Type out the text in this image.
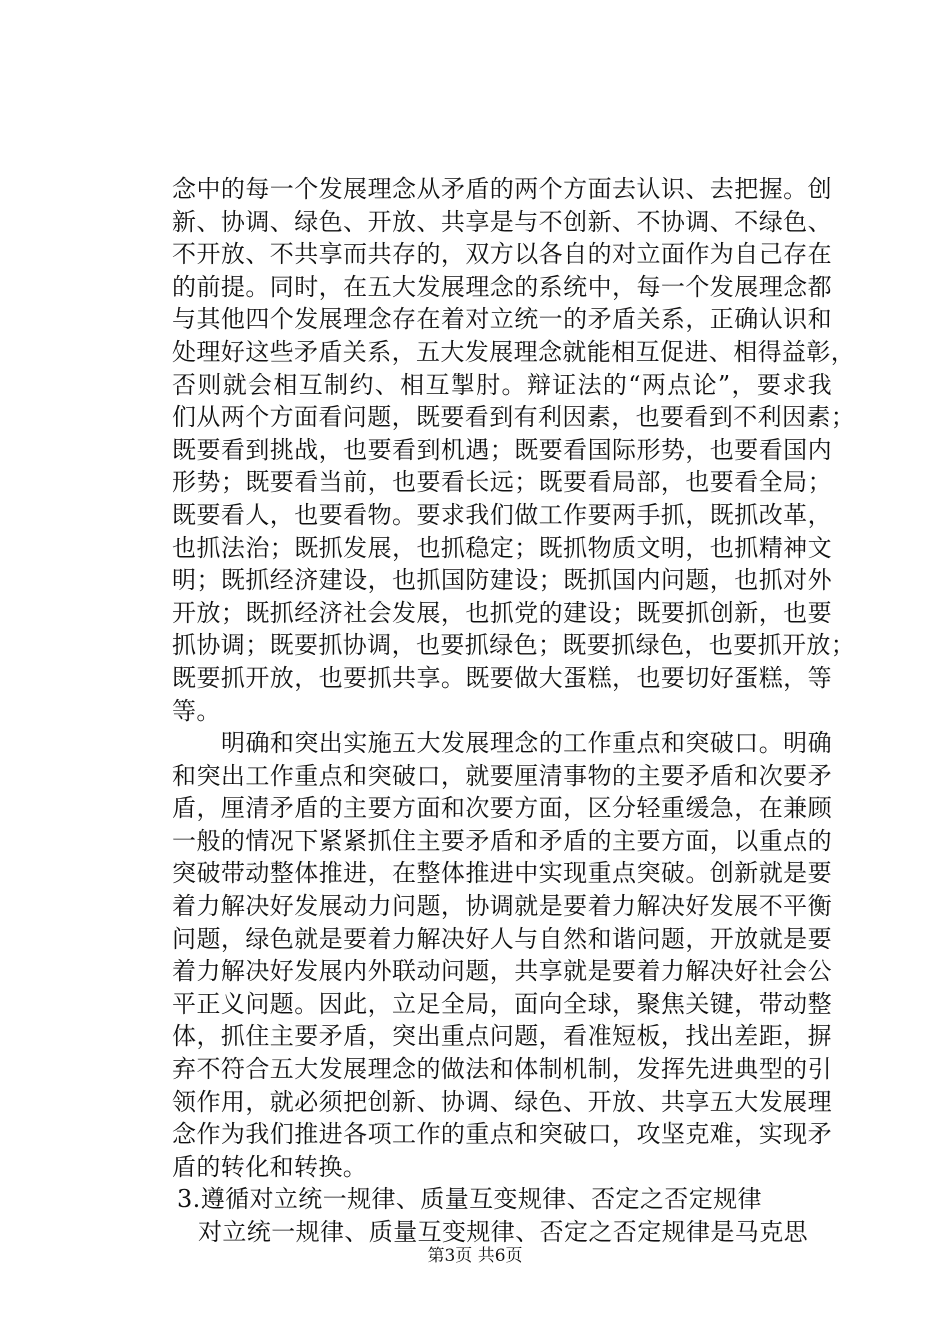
念中的每一个发展理念从矛盾的两个方面去认识、去把握。创
新、协调、绿色、开放、共享是与不创新、不协调、不绿色、
不开放、不共享而共存的，双方以各自的对立面作为自己存在
的前提。同时，在五大发展理念的系统中，每一个发展理念都
与其他四个发展理念存在着对立统一的矛盾关系，正确认识和
处理好这些矛盾关系，五大发展理念就能相互促进、相得益彰，
否则就会相互制约、相互掣肘。辩证法的“两点论”，要求我
们从两个方面看问题，既要看到有利因素，也要看到不利因素；
既要看到挑战，也要看到机遇；既要看国际形势，也要看国内
形势；既要看当前，也要看长远；既要看局部，也要看全局；
既要看人，也要看物。要求我们做工作要两手抓，既抓改革，
也抓法治；既抓发展，也抓稳定；既抓物质文明，也抓精神文
明；既抓经济建设，也抓国防建设；既抓国内问题，也抓对外
开放；既抓经济社会发展，也抓党的建设；既要抓创新，也要
抓协调；既要抓协调，也要抓绿色；既要抓绿色，也要抓开放；
既要抓开放，也要抓共享。既要做大蛋糕，也要切好蛋糕，等
等。
明确和突出实施五大发展理念的工作重点和突破口。明确
和突出工作重点和突破口，就要厘清事物的主要矛盾和次要矛
盾，厘清矛盾的主要方面和次要方面，区分轻重缓急，在兼顾
一般的情况下紧紧抓住主要矛盾和矛盾的主要方面，以重点的
突破带动整体推进，在整体推进中实现重点突破。创新就是要
着力解决好发展动力问题，协调就是要着力解决好发展不平衡
问题，绿色就是要着力解决好人与自然和谐问题，开放就是要
着力解决好发展内外联动问题，共享就是要着力解决好社会公
平正义问题。因此，立足全局，面向全球，聚焦关键，带动整
体，抓住主要矛盾，突出重点问题，看准短板，找出差距，摒
弃不符合五大发展理念的做法和体制机制，发挥先进典型的引
领作用，就必须把创新、协调、绿色、开放、共享五大发展理
念作为我们推进各项工作的重点和突破口，攻坚克难，实现矛
盾的转化和转换。
3.遵循对立统一规律、质量互变规律、否定之否定规律
对立统一规律、质量互变规律、否定之否定规律是马克思
第3页 共6页
